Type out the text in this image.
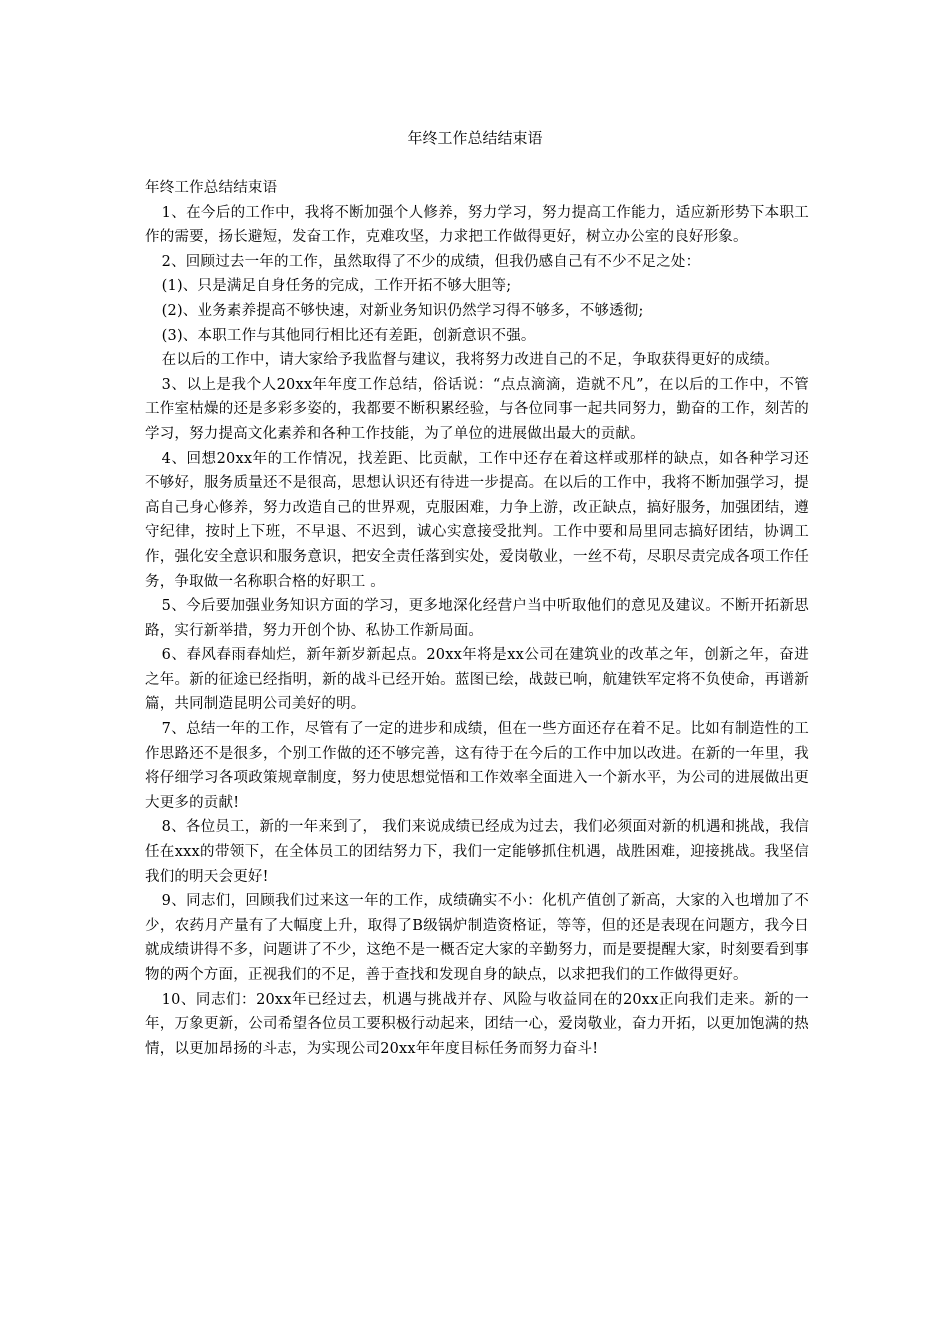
年终工作总结结束语

年终工作总结结束语

1、在今后的工作中，我将不断加强个人修养，努力学习，努力提高工作能力，适应新形势下本职工作的需要，扬长避短，发奋工作，克难攻坚，力求把工作做得更好，树立办公室的良好形象。

2、回顾过去一年的工作，虽然取得了不少的成绩，但我仍感自己有不少不足之处：

(1)、只是满足自身任务的完成，工作开拓不够大胆等;

(2)、业务素养提高不够快速，对新业务知识仍然学习得不够多，不够透彻;

(3)、本职工作与其他同行相比还有差距，创新意识不强。

在以后的工作中，请大家给予我监督与建议，我将努力改进自己的不足，争取获得更好的成绩。

3、以上是我个人20xx年年度工作总结，俗话说：“点点滴滴，造就不凡”，在以后的工作中，不管工作室枯燥的还是多彩多姿的，我都要不断积累经验，与各位同事一起共同努力，勤奋的工作，刻苦的学习，努力提高文化素养和各种工作技能，为了单位的进展做出最大的贡献。

4、回想20xx年的工作情况，找差距、比贡献，工作中还存在着这样或那样的缺点，如各种学习还不够好，服务质量还不是很高，思想认识还有待进一步提高。在以后的工作中，我将不断加强学习，提高自己身心修养，努力改造自己的世界观，克服困难，力争上游，改正缺点，搞好服务，加强团结，遵守纪律，按时上下班，不早退、不迟到，诚心实意接受批判。工作中要和局里同志搞好团结，协调工作，强化安全意识和服务意识，把安全责任落到实处，爱岗敬业，一丝不苟，尽职尽责完成各项工作任务，争取做一名称职合格的好职工 。

5、今后要加强业务知识方面的学习，更多地深化经营户当中听取他们的意见及建议。不断开拓新思路，实行新举措，努力开创个协、私协工作新局面。

6、春风春雨春灿烂，新年新岁新起点。20xx年将是xx公司在建筑业的改革之年，创新之年，奋进之年。新的征途已经指明，新的战斗已经开始。蓝图已绘，战鼓已响，航建铁军定将不负使命，再谱新篇，共同制造昆明公司美好的明。

7、总结一年的工作，尽管有了一定的进步和成绩，但在一些方面还存在着不足。比如有制造性的工作思路还不是很多，个别工作做的还不够完善，这有待于在今后的工作中加以改进。在新的一年里，我将仔细学习各项政策规章制度，努力使思想觉悟和工作效率全面进入一个新水平，为公司的进展做出更大更多的贡献!

8、各位员工，新的一年来到了， 我们来说成绩已经成为过去，我们必须面对新的机遇和挑战，我信任在xxx的带领下，在全体员工的团结努力下，我们一定能够抓住机遇，战胜困难，迎接挑战。我坚信我们的明天会更好!

9、同志们，回顾我们过来这一年的工作，成绩确实不小：化机产值创了新高，大家的入也增加了不少，农药月产量有了大幅度上升，取得了B级锅炉制造资格证，等等，但的还是表现在问题方，我今日就成绩讲得不多，问题讲了不少，这绝不是一概否定大家的辛勤努力，而是要提醒大家，时刻要看到事物的两个方面，正视我们的不足，善于查找和发现自身的缺点，以求把我们的工作做得更好。

10、同志们：20xx年已经过去，机遇与挑战并存、风险与收益同在的20xx正向我们走来。新的一年，万象更新，公司希望各位员工要积极行动起来，团结一心，爱岗敬业，奋力开拓，以更加饱满的热情，以更加昂扬的斗志，为实现公司20xx年年度目标任务而努力奋斗!
